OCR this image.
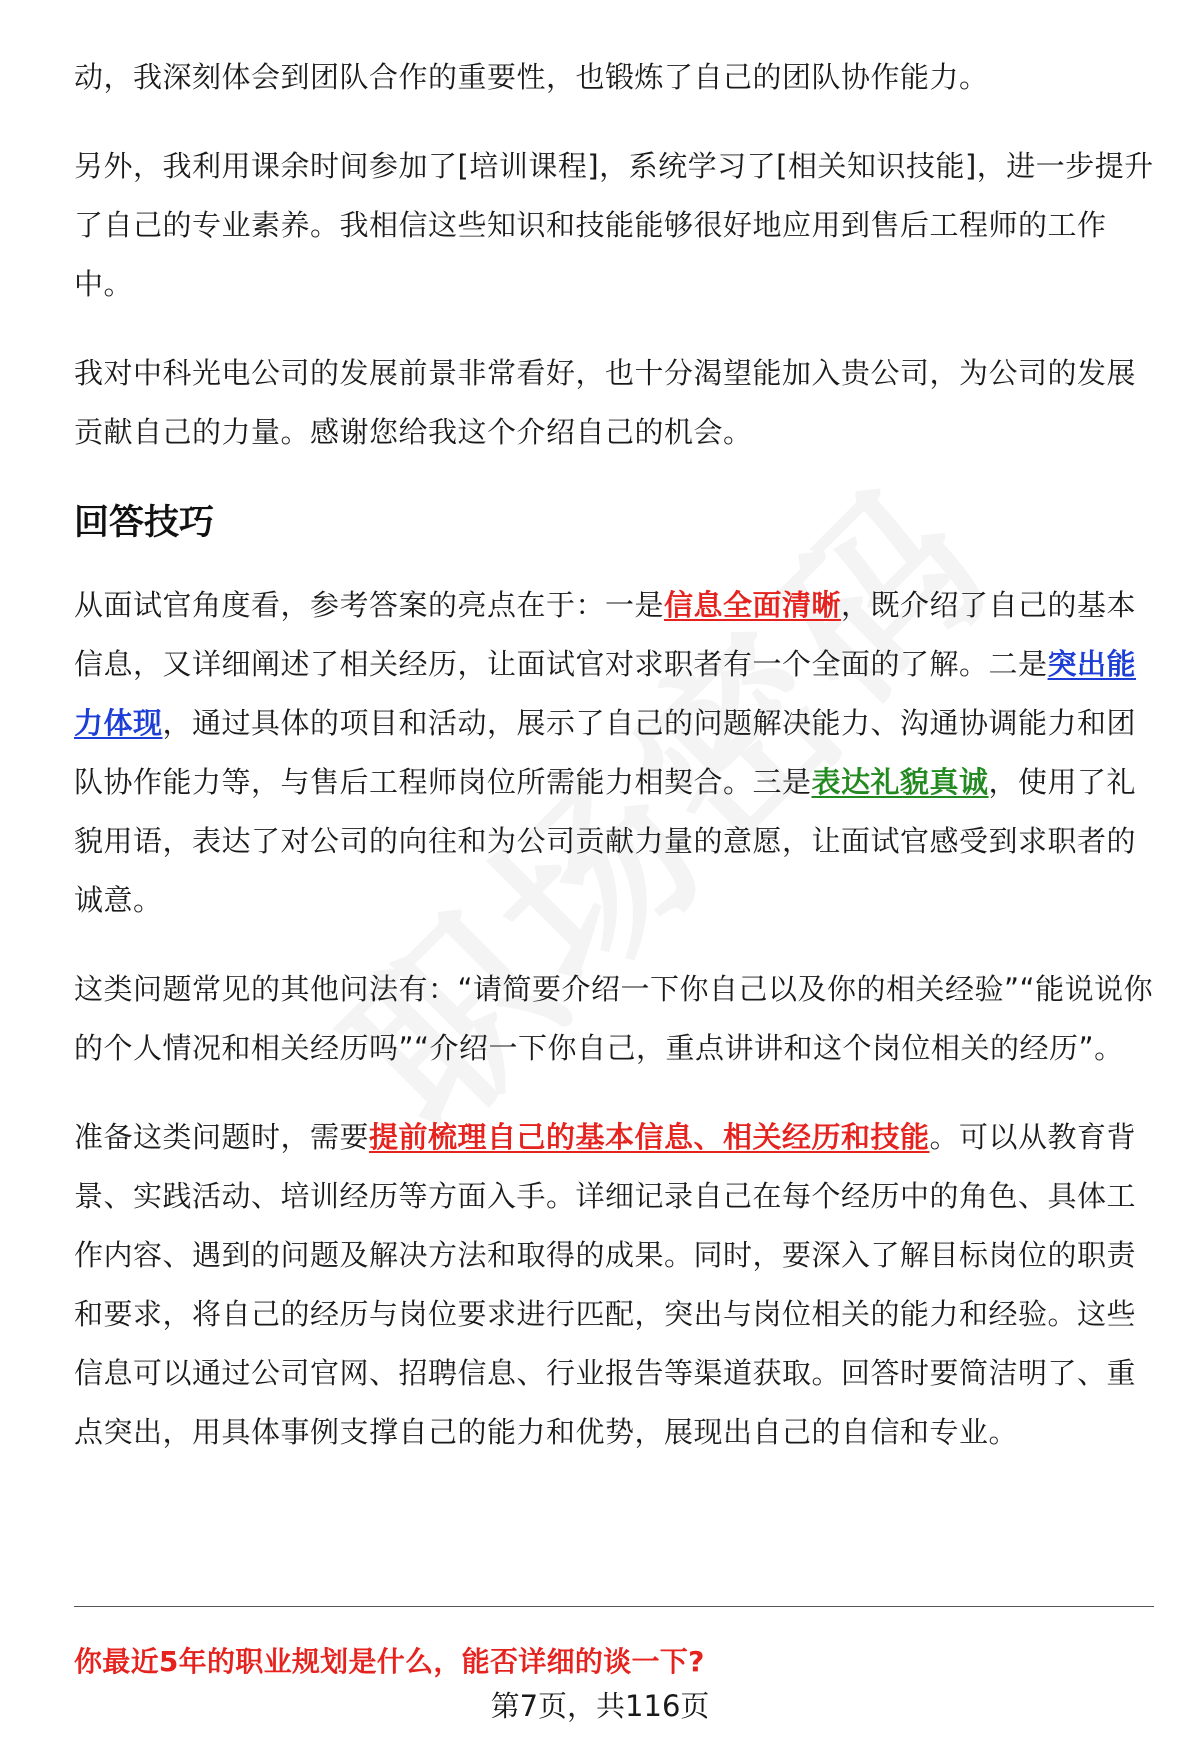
动，我深刻体会到团队合作的重要性，也锻炼了自己的团队协作能力。

另外，我利用课余时间参加了[培训课程]，系统学习了[相关知识技能]，进一步提升了自己的专业素养。我相信这些知识和技能能够很好地应用到售后工程师的工作中。

我对中科光电公司的发展前景非常看好，也十分渴望能加入贵公司，为公司的发展贡献自己的力量。感谢您给我这个介绍自己的机会。

回答技巧

从面试官角度看，参考答案的亮点在于：一是信息全面清晰，既介绍了自己的基本信息，又详细阐述了相关经历，让面试官对求职者有一个全面的了解。二是突出能力体现，通过具体的项目和活动，展示了自己的问题解决能力、沟通协调能力和团队协作能力等，与售后工程师岗位所需能力相契合。三是表达礼貌真诚，使用了礼貌用语，表达了对公司的向往和为公司贡献力量的意愿，让面试官感受到求职者的诚意。

这类问题常见的其他问法有：“请简要介绍一下你自己以及你的相关经验”“能说说你的个人情况和相关经历吗”“介绍一下你自己，重点讲讲和这个岗位相关的经历”。

准备这类问题时，需要提前梳理自己的基本信息、相关经历和技能。可以从教育背景、实践活动、培训经历等方面入手。详细记录自己在每个经历中的角色、具体工作内容、遇到的问题及解决方法和取得的成果。同时，要深入了解目标岗位的职责和要求，将自己的经历与岗位要求进行匹配，突出与岗位相关的能力和经验。这些信息可以通过公司官网、招聘信息、行业报告等渠道获取。回答时要简洁明了、重点突出，用具体事例支撑自己的能力和优势，展现出自己的自信和专业。

你最近5年的职业规划是什么，能否详细的谈一下?
第7页，共116页
